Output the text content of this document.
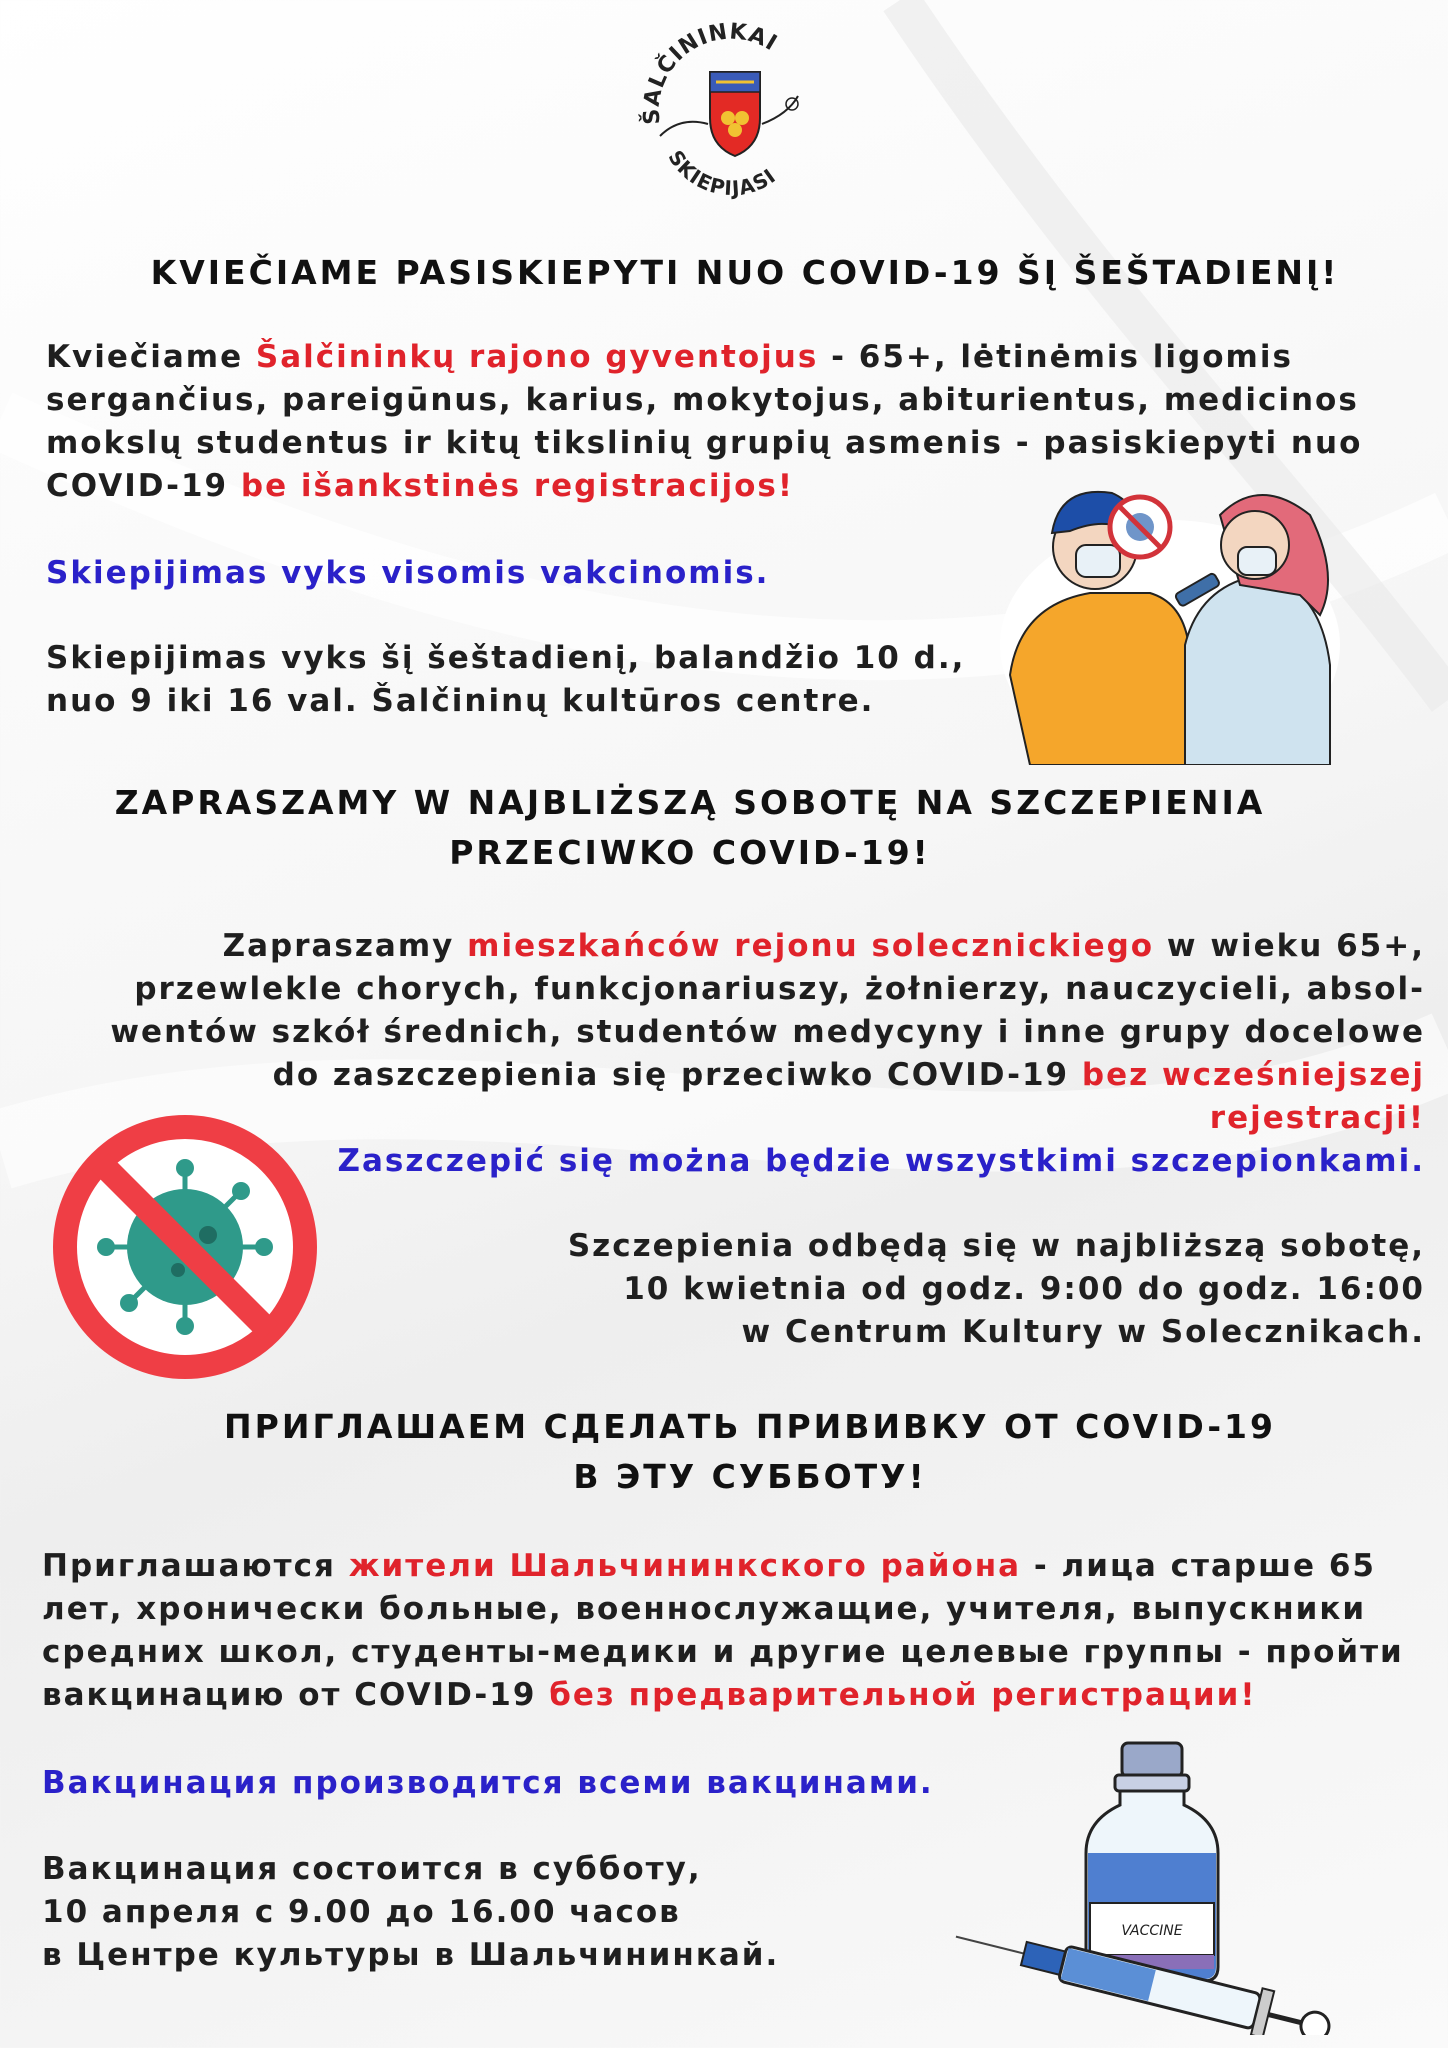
ŠALČININKAI
SKIEPIJASI
KVIEČIAME PASISKIEPYTI NUO COVID-19 ŠĮ ŠEŠTADIENĮ!
Kviečiame Šalčininkų rajono gyventojus - 65+, lėtinėmis ligomis sergančius, pareigūnus, karius, mokytojus, abiturientus, medicinos mokslų studentus ir kitų tikslinių grupių asmenis - pasiskiepyti nuo COVID-19 be išankstinės registracijos!
Skiepijimas vyks visomis vakcinomis.
Skiepijimas vyks šį šeštadienį, balandžio 10 d.,
nuo 9 iki 16 val. Šalčininų kultūros centre.
ZAPRASZAMY W NAJBLIŻSZĄ SOBOTĘ NA SZCZEPIENIA
PRZECIWKO COVID-19!
Zapraszamy mieszkańców rejonu solecznickiego w wieku 65+, przewlekle chorych, funkcjonariuszy, żołnierzy, nauczycieli, absol-wentów szkół średnich, studentów medycyny i inne grupy docelowe do zaszczepienia się przeciwko COVID-19 bez wcześniejszej rejestracji!
Zaszczepić się można będzie wszystkimi szczepionkami.
Szczepienia odbędą się w najbliższą sobotę,
10 kwietnia od godz. 9:00 do godz. 16:00
w Centrum Kultury w Solecznikach.
ПРИГЛАШАЕМ СДЕЛАТЬ ПРИВИВКУ ОТ COVID-19
В ЭТУ СУББОТУ!
Приглашаются жители Шальчининкского района - лица старше 65 лет, хронически больные, военнослужащие, учителя, выпускники средних школ, студенты-медики и другие целевые группы - пройти вакцинацию от COVID-19 без предварительной регистрации!
Вакцинация производится всеми вакцинами.
Вакцинация состоится в субботу,
10 апреля с 9.00 до 16.00 часов
в Центре культуры в Шальчининкай.
VACCINE
